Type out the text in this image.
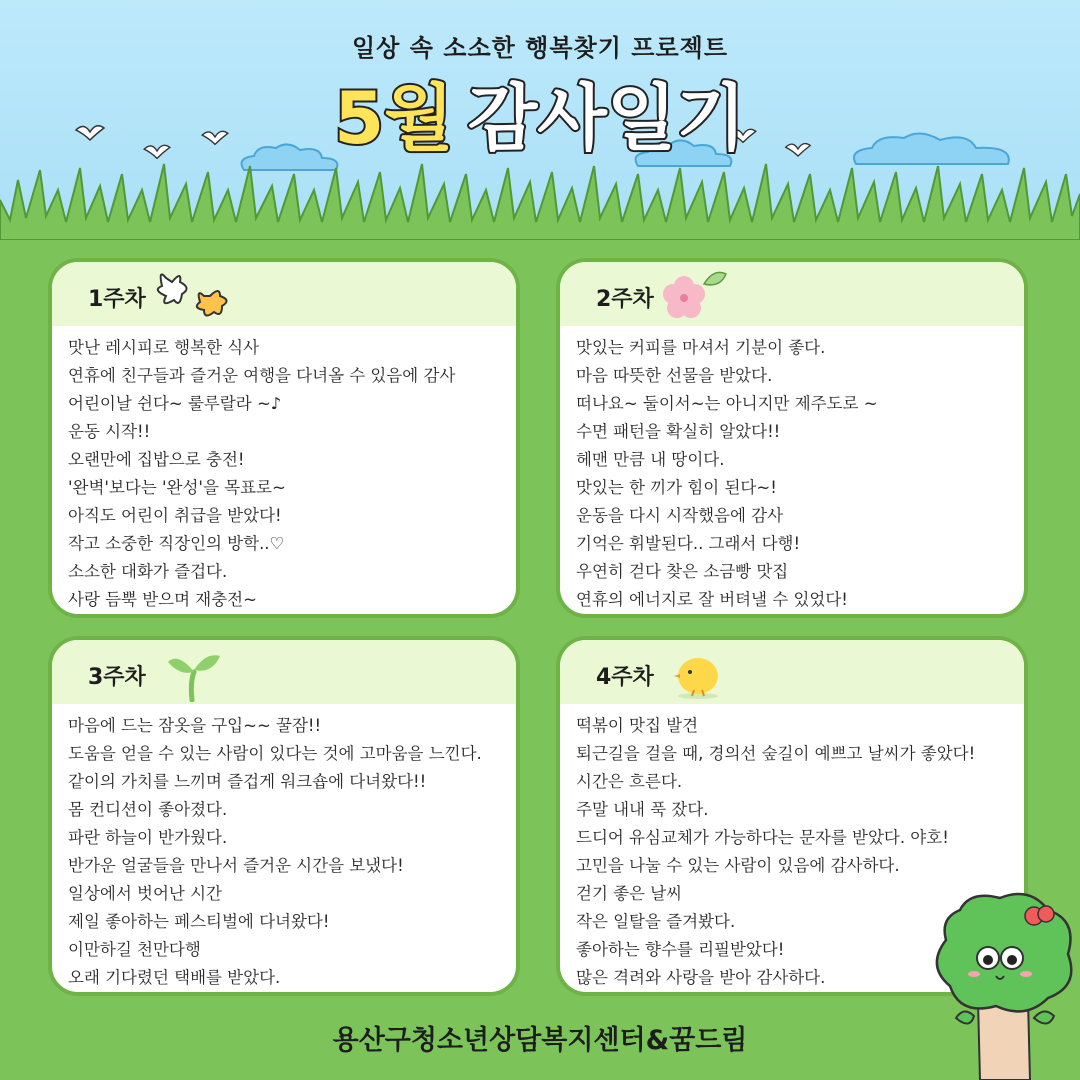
일상 속 소소한 행복찾기 프로젝트
5월 감사일기
1주차
맛난 레시피로 행복한 식사
연휴에 친구들과 즐거운 여행을 다녀올 수 있음에 감사
어린이날 쉰다~ 룰루랄라 ~♪
운동 시작!!
오랜만에 집밥으로 충전!
'완벽'보다는 '완성'을 목표로~
아직도 어린이 취급을 받았다!
작고 소중한 직장인의 방학..♡
소소한 대화가 즐겁다.
사랑 듬뿍 받으며 재충전~
2주차
맛있는 커피를 마셔서 기분이 좋다.
마음 따뜻한 선물을 받았다.
떠나요~ 둘이서~는 아니지만 제주도로 ~
수면 패턴을 확실히 알았다!!
헤맨 만큼 내 땅이다.
맛있는 한 끼가 힘이 된다~!
운동을 다시 시작했음에 감사
기억은 휘발된다.. 그래서 다행!
우연히 걷다 찾은 소금빵 맛집
연휴의 에너지로 잘 버텨낼 수 있었다!
3주차
마음에 드는 잠옷을 구입~~ 꿀잠!!
도움을 얻을 수 있는 사람이 있다는 것에 고마움을 느낀다.
같이의 가치를 느끼며 즐겁게 워크숍에 다녀왔다!!
몸 컨디션이 좋아졌다.
파란 하늘이 반가웠다.
반가운 얼굴들을 만나서 즐거운 시간을 보냈다!
일상에서 벗어난 시간
제일 좋아하는 페스티벌에 다녀왔다!
이만하길 천만다행
오래 기다렸던 택배를 받았다.
4주차
떡볶이 맛집 발견
퇴근길을 걸을 때, 경의선 숲길이 예쁘고 날씨가 좋았다!
시간은 흐른다.
주말 내내 푹 잤다.
드디어 유심교체가 가능하다는 문자를 받았다. 야호!
고민을 나눌 수 있는 사람이 있음에 감사하다.
걷기 좋은 날씨
작은 일탈을 즐겨봤다.
좋아하는 향수를 리필받았다!
많은 격려와 사랑을 받아 감사하다.
용산구청소년상담복지센터&꿈드림
